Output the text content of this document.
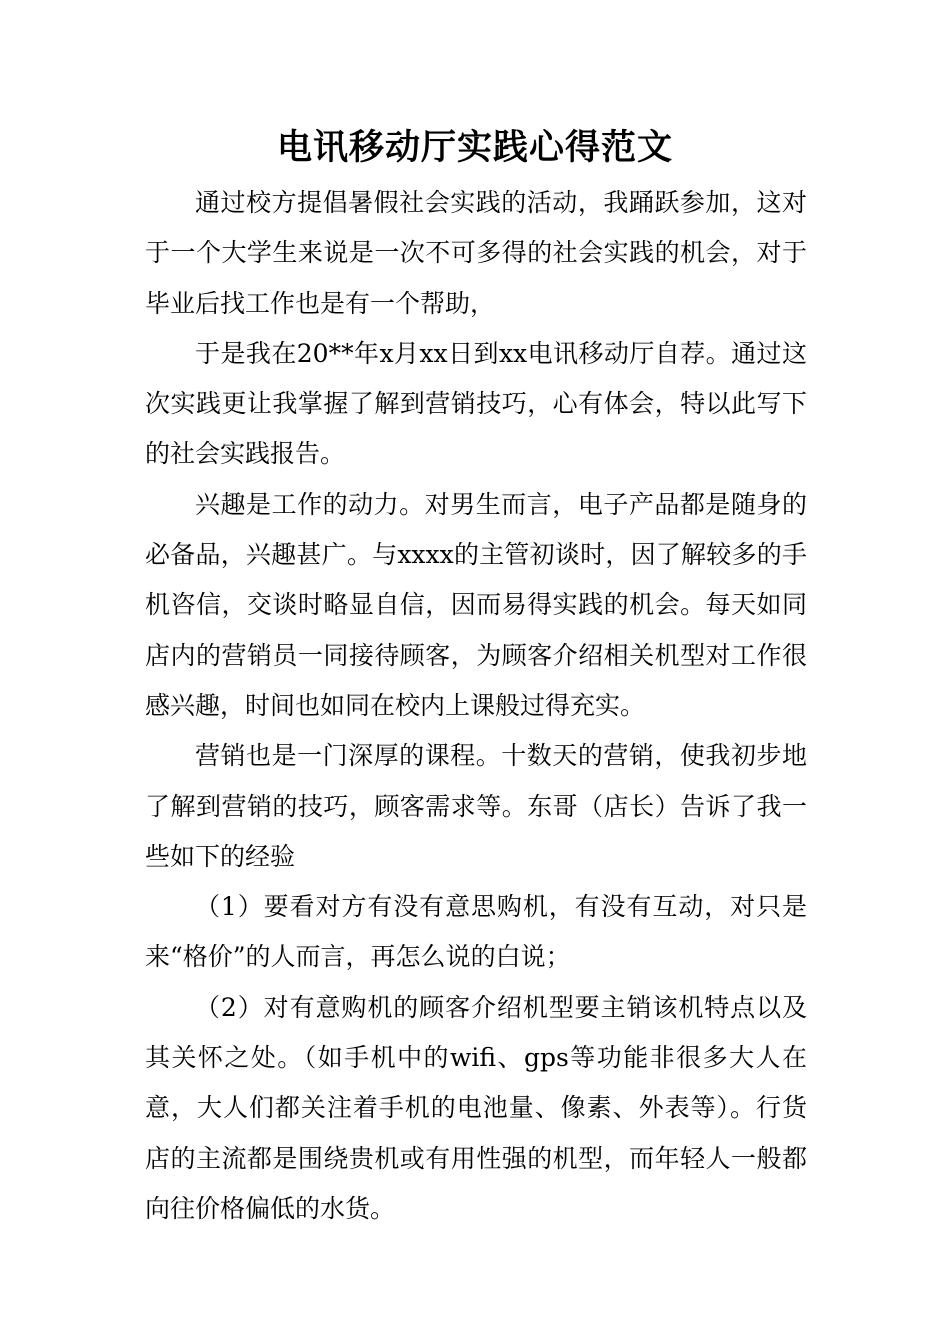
电讯移动厅实践心得范文

通过校方提倡暑假社会实践的活动，我踊跃参加，这对于一个大学生来说是一次不可多得的社会实践的机会，对于毕业后找工作也是有一个帮助，

于是我在20**年x月xx日到xx电讯移动厅自荐。通过这次实践更让我掌握了解到营销技巧，心有体会，特以此写下的社会实践报告。

兴趣是工作的动力。对男生而言，电子产品都是随身的必备品，兴趣甚广。与xxxx的主管初谈时，因了解较多的手机咨信，交谈时略显自信，因而易得实践的机会。每天如同店内的营销员一同接待顾客，为顾客介绍相关机型对工作很感兴趣，时间也如同在校内上课般过得充实。

营销也是一门深厚的课程。十数天的营销，使我初步地了解到营销的技巧，顾客需求等。东哥（店长）告诉了我一些如下的经验

（1）要看对方有没有意思购机，有没有互动，对只是来“格价”的人而言，再怎么说的白说；

（2）对有意购机的顾客介绍机型要主销该机特点以及其关怀之处。（如手机中的wifi、gps等功能非很多大人在意，大人们都关注着手机的电池量、像素、外表等）。行货店的主流都是围绕贵机或有用性强的机型，而年轻人一般都向往价格偏低的水货。
